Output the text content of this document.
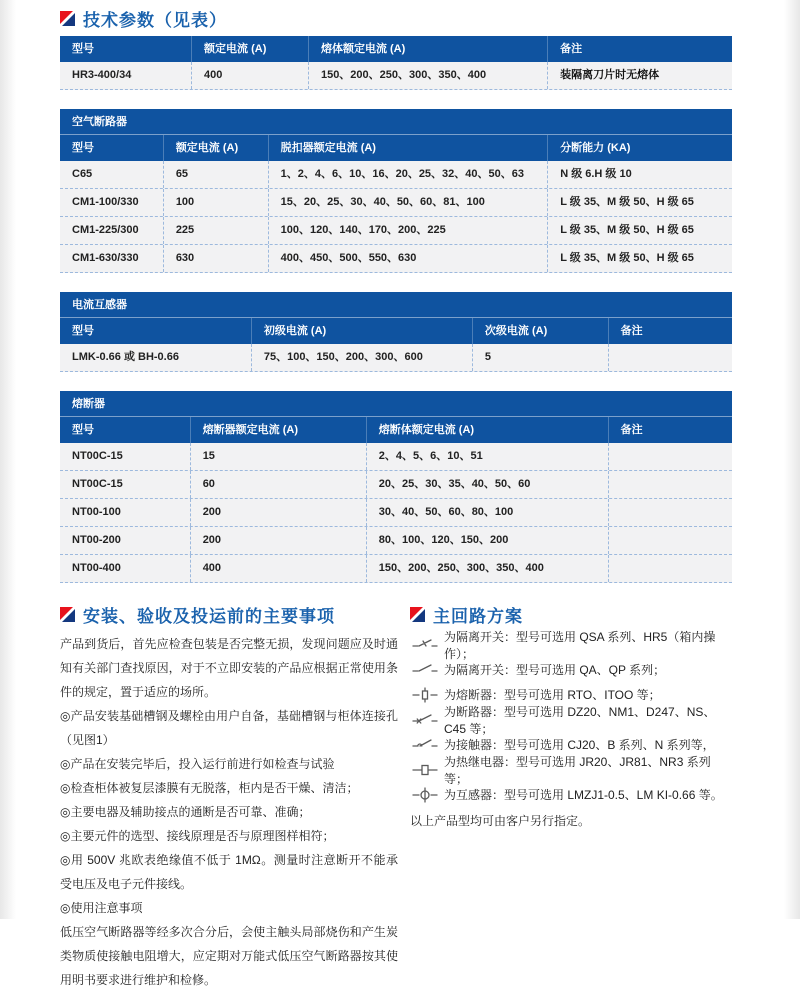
技术参数（见表）
型号	额定电流 (A)	熔体额定电流 (A)	备注
HR3-400/34	400	150、200、250、300、350、400	装隔离刀片时无熔体
空气断路器
型号	额定电流 (A)	脱扣器额定电流 (A)	分断能力 (KA)
C65	65	1、2、4、6、10、16、20、25、32、40、50、63	N 级 6.H 级 10
CM1-100/330	100	15、20、25、30、40、50、60、81、100	L 级 35、M 级 50、H 级 65
CM1-225/300	225	100、120、140、170、200、225	L 级 35、M 级 50、H 级 65
CM1-630/330	630	400、450、500、550、630	L 级 35、M 级 50、H 级 65
电流互感器
型号	初级电流 (A)	次级电流 (A)	备注
LMK-0.66 或 BH-0.66	75、100、150、200、300、600	5
熔断器
型号	熔断器额定电流 (A)	熔断体额定电流 (A)	备注
NT00C-15	15	2、4、5、6、10、51
NT00C-15	60	20、25、30、35、40、50、60
NT00-100	200	30、40、50、60、80、100
NT00-200	200	80、100、120、150、200
NT00-400	400	150、200、250、300、350、400
安装、验收及投运前的主要事项
产品到货后，首先应检查包装是否完整无损，发现问题应及时通知有关部门查找原因，对于不立即安装的产品应根据正常使用条件的规定，置于适应的场所。
◎产品安装基础槽钢及螺栓由用户自备，基础槽钢与柜体连接孔（见图1）
◎产品在安装完毕后，投入运行前进行如检查与试验
◎检查柜体被复层漆膜有无脱落，柜内是否干燥、清洁；
◎主要电器及辅助接点的通断是否可靠、准确；
◎主要元件的选型、接线原理是否与原理图样相符；
◎用 500V 兆欧表绝缘值不低于 1MΩ。测量时注意断开不能承受电压及电子元件接线。
◎使用注意事项
低压空气断路器等经多次合分后，会使主触头局部烧伤和产生炭类物质使接触电阻增大，应定期对万能式低压空气断路器按其使用明书要求进行维护和检修。
主回路方案
为隔离开关：型号可选用 QSA 系列、HR5（箱内操作）；
为隔离开关：型号可选用 QA、QP 系列；
为熔断器：型号可选用 RTO、ITOO 等；
为断路器：型号可选用 DZ20、NM1、D247、NS、C45 等；
为接触器：型号可选用 CJ20、B 系列、N 系列等，
为热继电器：型号可选用 JR20、JR81、NR3 系列等；
为互感器：型号可选用 LMZJ1-0.5、LM KI-0.66 等。
以上产品型均可由客户另行指定。
